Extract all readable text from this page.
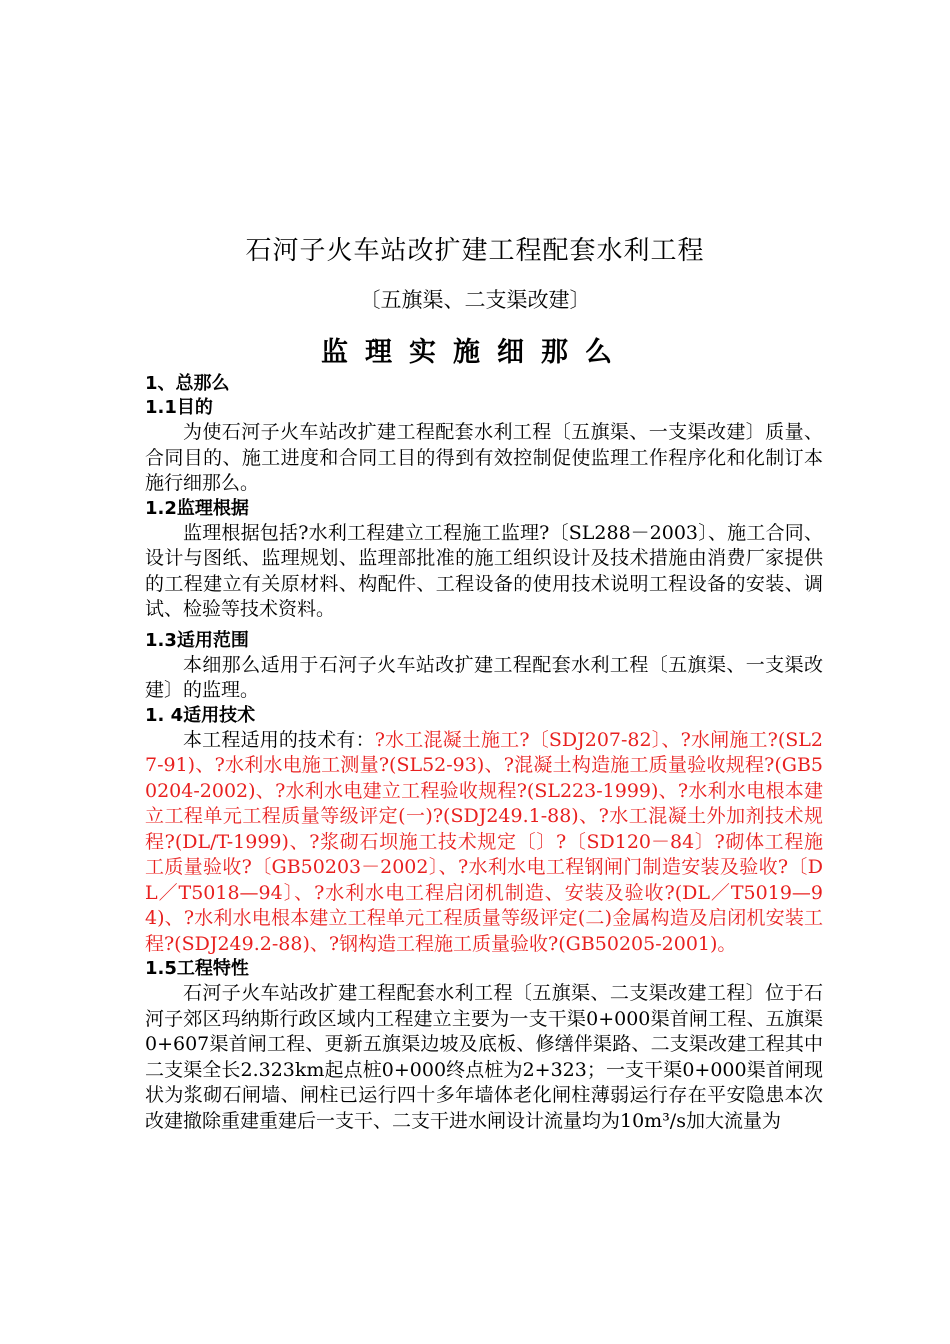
石河子火车站改扩建工程配套水利工程
〔五旗渠、二支渠改建〕
监理实施细那么
1、总那么
1.1目的
为使石河子火车站改扩建工程配套水利工程〔五旗渠、一支渠改建〕质量、合同目的、施工进度和合同工目的得到有效控制促使监理工作程序化和化制订本施行细那么。
1.2监理根据
监理根据包括?水利工程建立工程施工监理?〔SL288－2003〕、施工合同、设计与图纸、监理规划、监理部批准的施工组织设计及技术措施由消费厂家提供的工程建立有关原材料、构配件、工程设备的使用技术说明工程设备的安装、调试、检验等技术资料。
1.3适用范围
本细那么适用于石河子火车站改扩建工程配套水利工程〔五旗渠、一支渠改建〕的监理。
1. 4适用技术
本工程适用的技术有：?水工混凝土施工?〔SDJ207-82〕、?水闸施工?(SL27-91)、?水利水电施工测量?(SL52-93)、?混凝土构造施工质量验收规程?(GB50204-2002)、?水利水电建立工程验收规程?(SL223-1999)、?水利水电根本建立工程单元工程质量等级评定(一)?(SDJ249.1-88)、?水工混凝土外加剂技术规程?(DL/T-1999)、?浆砌石坝施工技术规定〔〕?〔SD120－84〕?砌体工程施工质量验收?〔GB50203－2002〕、?水利水电工程钢闸门制造安装及验收?〔DL／T5018—94〕、?水利水电工程启闭机制造、安装及验收?(DL／T5019—94)、?水利水电根本建立工程单元工程质量等级评定(二)金属构造及启闭机安装工程?(SDJ249.2-88)、?钢构造工程施工质量验收?(GB50205-2001)。
1.5工程特性
石河子火车站改扩建工程配套水利工程〔五旗渠、二支渠改建工程〕位于石河子郊区玛纳斯行政区域内工程建立主要为一支干渠0+000渠首闸工程、五旗渠0+607渠首闸工程、更新五旗渠边坡及底板、修缮伴渠路、二支渠改建工程其中二支渠全长2.323km起点桩0+000终点桩为2+323；一支干渠0+000渠首闸现状为浆砌石闸墙、闸柱已运行四十多年墙体老化闸柱薄弱运行存在平安隐患本次改建撤除重建重建后一支干、二支干进水闸设计流量均为10m³/s加大流量为
